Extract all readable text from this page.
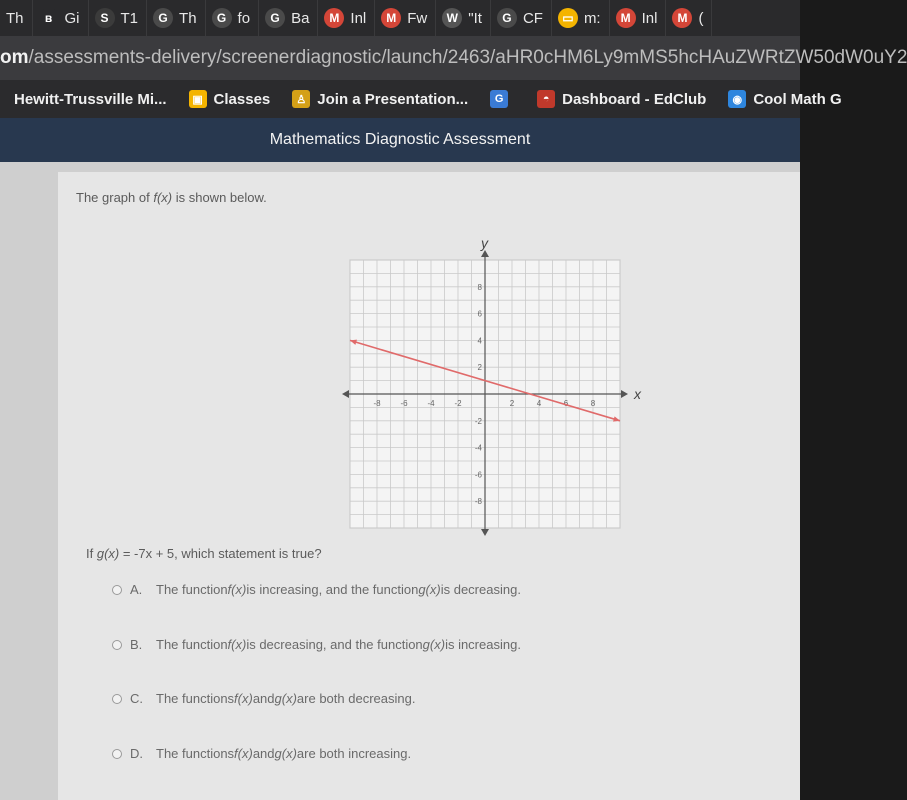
Th	ʙ Gi	S T1	G Th	G fo	G Ba	M Inl	M Fw	W "It	G CF	▭ m:	M Inl	M (
om/assessments-delivery/screenerdiagnostic/launch/2463/aHR0cHM6Ly9mMS5hcHAuZWRtZW50dW0uY2
Hewitt-Trussville Mi...	▣ Classes	♙ Join a Presentation...	G	◓ Dashboard - EdClub	◉ Cool Math G
Mathematics Diagnostic Assessment
The graph of f(x) is shown below.
x
y
-8 -6 -4 -2	2	4	6	8
8
6
4
2
-2
-4
-6
-8
If g(x) = -7x + 5, which statement is true?
A.	The function f(x) is increasing, and the function g(x) is decreasing.
B.	The function f(x) is decreasing, and the function g(x) is increasing.
C.	The functions f(x) and g(x) are both decreasing.
D.	The functions f(x) and g(x) are both increasing.
